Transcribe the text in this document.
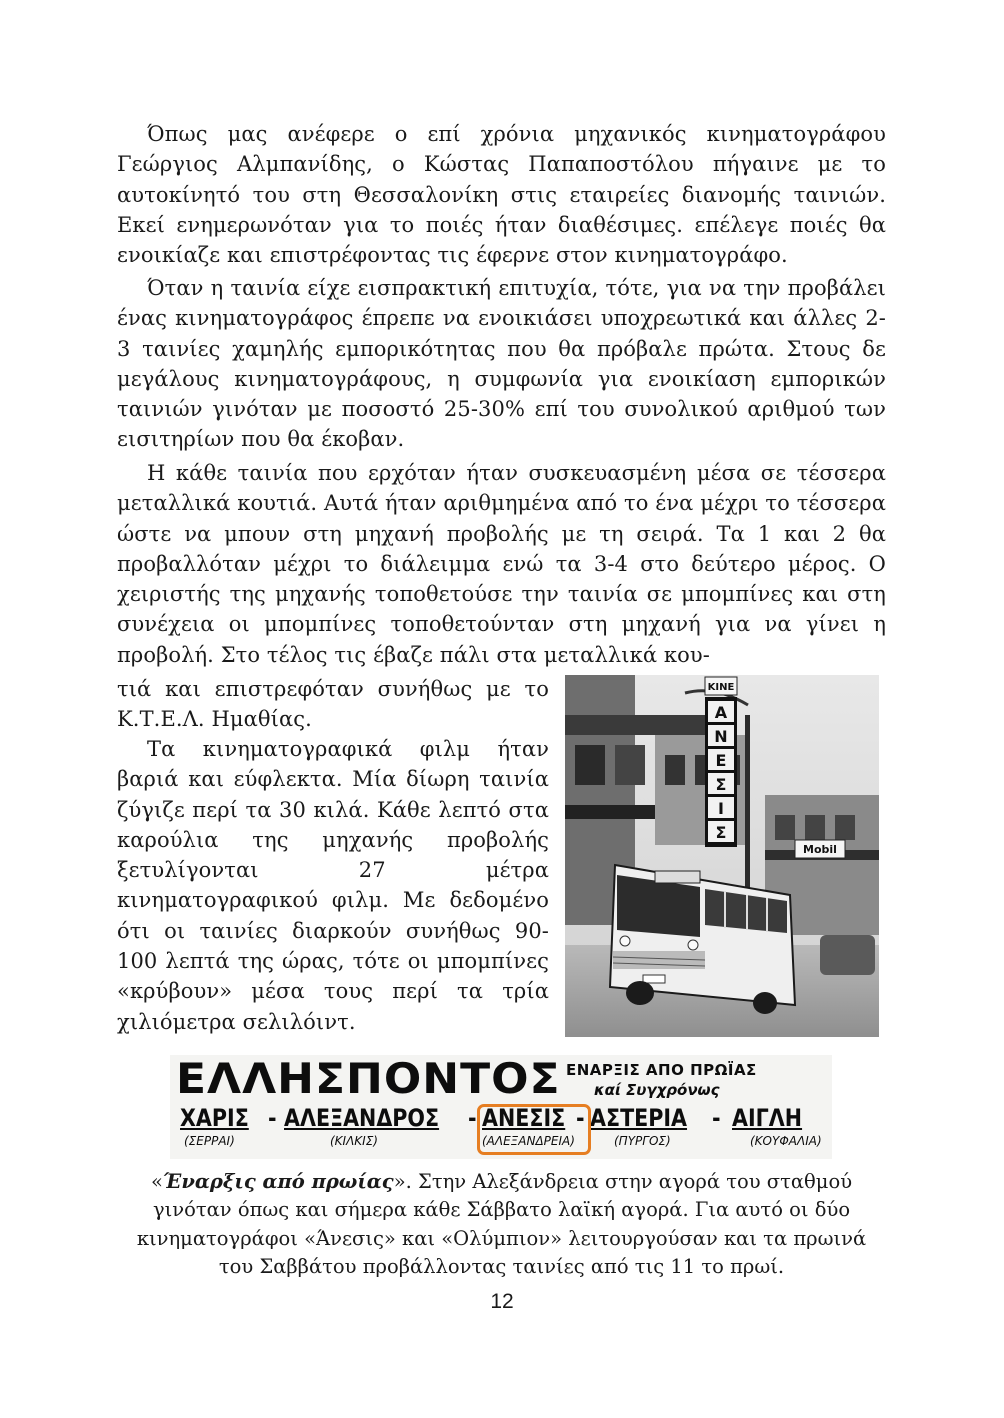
Όπως μας ανέφερε ο επί χρόνια μηχανικός κινηματογράφου Γεώργιος Αλμπανίδης, ο Κώστας Παπαποστόλου πήγαινε με το αυτοκίνητό του στη Θεσσαλονίκη στις εταιρείες διανομής ταινιών. Εκεί ενημερωνόταν για το ποιές ήταν διαθέσιμες. επέλεγε ποιές θα ενοικίαζε και επιστρέφοντας τις έφερνε στον κινηματογράφο.

Όταν η ταινία είχε εισπρακτική επιτυχία, τότε, για να την προβάλει ένας κινηματογράφος έπρεπε να ενοικιάσει υποχρεωτικά και άλλες 2-3 ταινίες χαμηλής εμπορικότητας που θα πρόβαλε πρώτα. Στους δε μεγάλους κινηματογράφους, η συμφωνία για ενοικίαση εμπορικών ταινιών γινόταν με ποσοστό 25-30% επί του συνολικού αριθμού των εισιτηρίων που θα έκοβαν.

Η κάθε ταινία που ερχόταν ήταν συσκευασμένη μέσα σε τέσσερα μεταλλικά κουτιά. Αυτά ήταν αριθμημένα από το ένα μέχρι το τέσσερα ώστε να μπουν στη μηχανή προβολής με τη σειρά. Τα 1 και 2 θα προβαλλόταν μέχρι το διάλειμμα ενώ τα 3-4 στο δεύτερο μέρος. Ο χειριστής της μηχανής τοποθετούσε την ταινία σε μπομπίνες και στη συνέχεια οι μπομπίνες τοποθετούνταν στη μηχανή για να γίνει η προβολή. Στο τέλος τις έβαζε πάλι στα μεταλλικά κου-

τιά και επιστρεφόταν συνήθως με το Κ.Τ.Ε.Λ. Ημαθίας.

Τα κινηματογραφικά φιλμ ήταν βαριά και εύφλεκτα. Μία δίωρη ταινία ζύγιζε περί τα 30 κιλά. Κάθε λεπτό στα καρούλια της μηχανής προβολής ξετυλίγονται 27 μέτρα κινηματογραφικού φιλμ. Με δεδομένο ότι οι ταινίες διαρκούν συνήθως 90-100 λεπτά της ώρας, τότε οι μπομπίνες «κρύβουν» μέσα τους περί τα τρία χιλιόμετρα σελιλόιντ.

ΚΙΝΕ
Α
Ν
Ε
Σ
Ι
Σ
Mobil
ΕΛΛΗΣΠΟΝΤΟΣ ΕΝΑΡΞΙΣ ΑΠΟ ΠΡΩΪΑΣ
καί Συγχρόνως
ΧΑΡΙΣ - ΑΛΕΞΑΝΔΡΟΣ - ΑΝΕΣΙΣ - ΑΣΤΕΡΙΑ - ΑΙΓΛΗ
(ΣΕΡΡΑΙ)	(ΚΙΛΚΙΣ)	(ΑΛΕΞΑΝΔΡΕΙΑ)	(ΠΥΡΓΟΣ)	(ΚΟΥΦΑΛΙΑ)

«Έναρξις από πρωίας». Στην Αλεξάνδρεια στην αγορά του σταθμού γινόταν όπως και σήμερα κάθε Σάββατο λαϊκή αγορά. Για αυτό οι δύο κινηματογράφοι «Άνεσις» και «Ολύμπιον» λειτουργούσαν και τα πρωινά του Σαββάτου προβάλλοντας ταινίες από τις 11 το πρωί.

12
